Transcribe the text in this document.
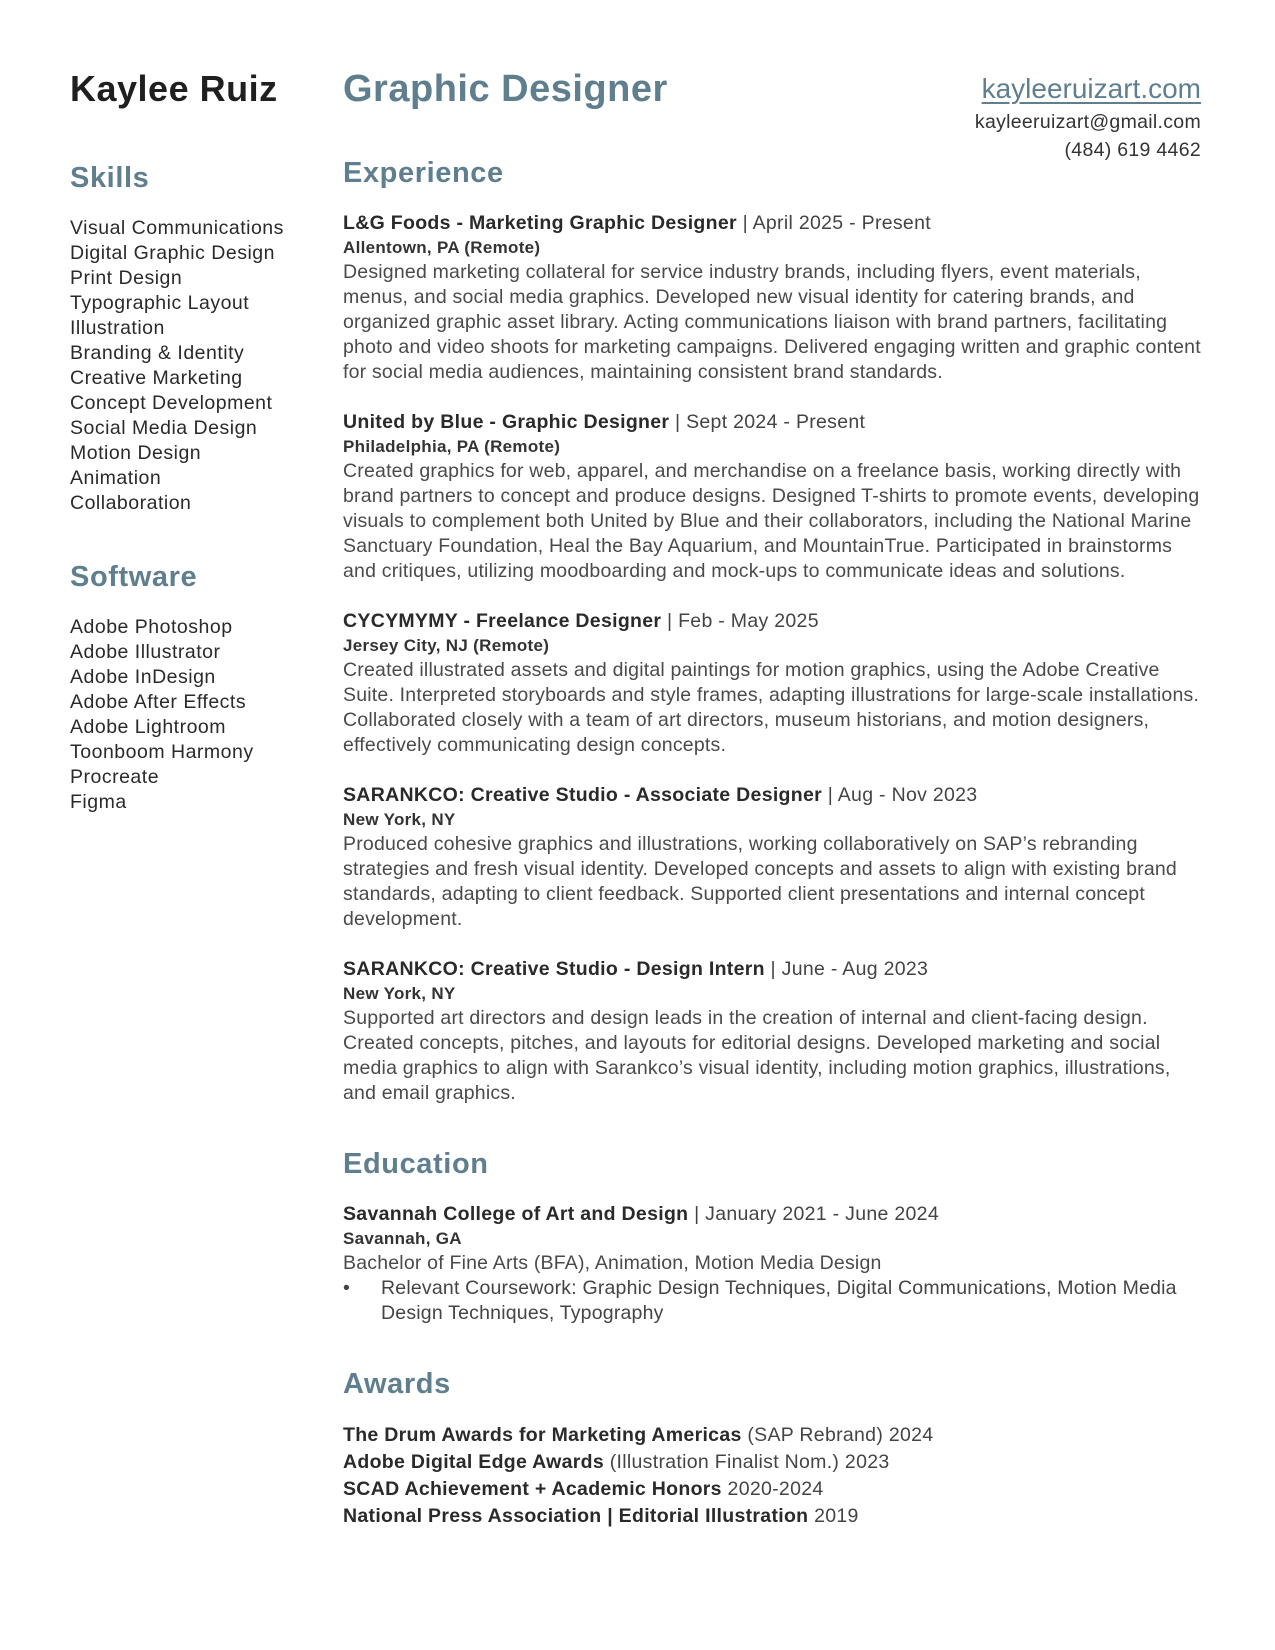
Kaylee Ruiz Graphic Designer	kayleeruizart.com
kayleeruizart@gmail.com
(484) 619 4462
Skills
Visual Communications
Digital Graphic Design
Print Design
Typographic Layout
Illustration
Branding & Identity
Creative Marketing
Concept Development
Social Media Design
Motion Design
Animation
Collaboration
Software
Adobe Photoshop
Adobe Illustrator
Adobe InDesign
Adobe After Effects
Adobe Lightroom
Toonboom Harmony
Procreate
Figma
Experience
L&G Foods - Marketing Graphic Designer | April 2025 - Present
Allentown, PA (Remote)
Designed marketing collateral for service industry brands, including flyers, event materials, menus, and social media graphics. Developed new visual identity for catering brands, and organized graphic asset library. Acting communications liaison with brand partners, facilitating photo and video shoots for marketing campaigns. Delivered engaging written and graphic content for social media audiences, maintaining consistent brand standards.
United by Blue - Graphic Designer | Sept 2024 - Present
Philadelphia, PA (Remote)
Created graphics for web, apparel, and merchandise on a freelance basis, working directly with brand partners to concept and produce designs. Designed T-shirts to promote events, developing visuals to complement both United by Blue and their collaborators, including the National Marine Sanctuary Foundation, Heal the Bay Aquarium, and MountainTrue. Participated in brainstorms and critiques, utilizing moodboarding and mock-ups to communicate ideas and solutions.
CYCYMYMY - Freelance Designer | Feb - May 2025
Jersey City, NJ (Remote)
Created illustrated assets and digital paintings for motion graphics, using the Adobe Creative Suite. Interpreted storyboards and style frames, adapting illustrations for large-scale installations. Collaborated closely with a team of art directors, museum historians, and motion designers, effectively communicating design concepts.
SARANKCO: Creative Studio - Associate Designer | Aug - Nov 2023
New York, NY
Produced cohesive graphics and illustrations, working collaboratively on SAP’s rebranding strategies and fresh visual identity. Developed concepts and assets to align with existing brand standards, adapting to client feedback. Supported client presentations and internal concept development.
SARANKCO: Creative Studio - Design Intern | June - Aug 2023
New York, NY
Supported art directors and design leads in the creation of internal and client-facing design. Created concepts, pitches, and layouts for editorial designs. Developed marketing and social media graphics to align with Sarankco’s visual identity, including motion graphics, illustrations, and email graphics.
Education
Savannah College of Art and Design | January 2021 - June 2024
Savannah, GA
Bachelor of Fine Arts (BFA), Animation, Motion Media Design
•	Relevant Coursework: Graphic Design Techniques, Digital Communications, Motion Media Design Techniques, Typography
Awards
The Drum Awards for Marketing Americas (SAP Rebrand) 2024
Adobe Digital Edge Awards (Illustration Finalist Nom.) 2023
SCAD Achievement + Academic Honors 2020-2024
National Press Association | Editorial Illustration 2019
